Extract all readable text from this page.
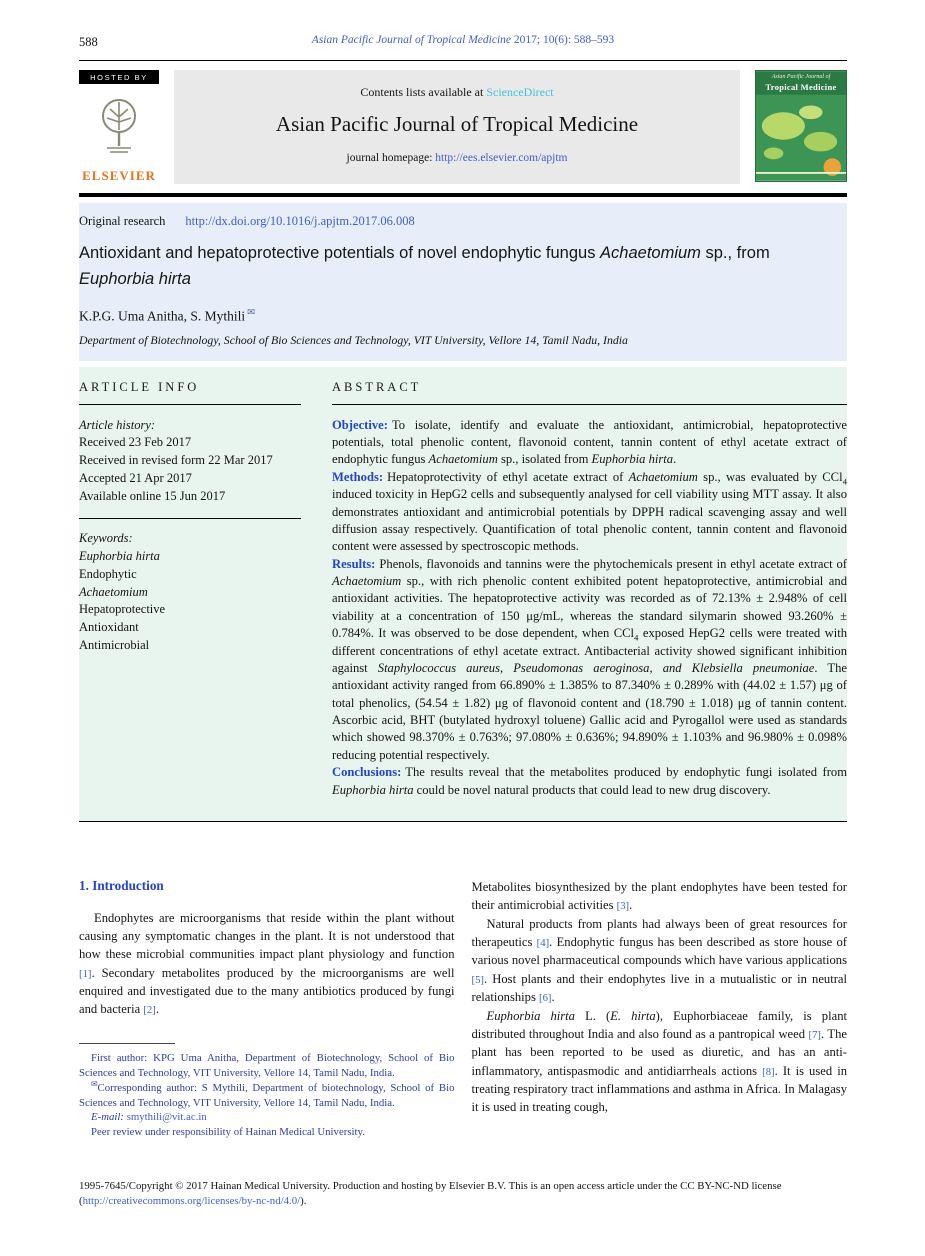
588	Asian Pacific Journal of Tropical Medicine 2017; 10(6): 588–593
HOSTED BY
ELSEVIER
Contents lists available at ScienceDirect
Asian Pacific Journal of Tropical Medicine
journal homepage: http://ees.elsevier.com/apjtm
Asian Pacific Journal of
Tropical Medicine
Original research http://dx.doi.org/10.1016/j.apjtm.2017.06.008
Antioxidant and hepatoprotective potentials of novel endophytic fungus Achaetomium sp., from Euphorbia hirta
K.P.G. Uma Anitha, S. Mythili ✉
Department of Biotechnology, School of Bio Sciences and Technology, VIT University, Vellore 14, Tamil Nadu, India
ARTICLE INFO
Article history:
Received 23 Feb 2017
Received in revised form 22 Mar 2017
Accepted 21 Apr 2017
Available online 15 Jun 2017
Keywords:
Euphorbia hirta
Endophytic
Achaetomium
Hepatoprotective
Antioxidant
Antimicrobial
ABSTRACT

Objective: To isolate, identify and evaluate the antioxidant, antimicrobial, hepatoprotective potentials, total phenolic content, flavonoid content, tannin content of ethyl acetate extract of endophytic fungus Achaetomium sp., isolated from Euphorbia hirta.

Methods: Hepatoprotectivity of ethyl acetate extract of Achaetomium sp., was evaluated by CCl$_4$ induced toxicity in HepG2 cells and subsequently analysed for cell viability using MTT assay. It also demonstrates antioxidant and antimicrobial potentials by DPPH radical scavenging assay and well diffusion assay respectively. Quantification of total phenolic content, tannin content and flavonoid content were assessed by spectroscopic methods.

Results: Phenols, flavonoids and tannins were the phytochemicals present in ethyl acetate extract of Achaetomium sp., with rich phenolic content exhibited potent hepatoprotective, antimicrobial and antioxidant activities. The hepatoprotective activity was recorded as of 72.13% ± 2.948% of cell viability at a concentration of 150 μg/mL, whereas the standard silymarin showed 93.260% ± 0.784%. It was observed to be dose dependent, when CCl$_4$ exposed HepG2 cells were treated with different concentrations of ethyl acetate extract. Antibacterial activity showed significant inhibition against Staphylococcus aureus, Pseudomonas aeroginosa, and Klebsiella pneumoniae. The antioxidant activity ranged from 66.890% ± 1.385% to 87.340% ± 0.289% with (44.02 ± 1.57) μg of total phenolics, (54.54 ± 1.82) μg of flavonoid content and (18.790 ± 1.018) μg of tannin content. Ascorbic acid, BHT (butylated hydroxyl toluene) Gallic acid and Pyrogallol were used as standards which showed 98.370% ± 0.763%; 97.080% ± 0.636%; 94.890% ± 1.103% and 96.980% ± 0.098% reducing potential respectively.

Conclusions: The results reveal that the metabolites produced by endophytic fungi isolated from Euphorbia hirta could be novel natural products that could lead to new drug discovery.

1. Introduction

Endophytes are microorganisms that reside within the plant without causing any symptomatic changes in the plant. It is not understood that how these microbial communities impact plant physiology and function [1]. Secondary metabolites produced by the microorganisms are well enquired and investigated due to the many antibiotics produced by fungi and bacteria [2].

First author: KPG Uma Anitha, Department of Biotechnology, School of Bio Sciences and Technology, VIT University, Vellore 14, Tamil Nadu, India.

✉Corresponding author: S Mythili, Department of biotechnology, School of Bio Sciences and Technology, VIT University, Vellore 14, Tamil Nadu, India.

E-mail: smythili@vit.ac.in

Peer review under responsibility of Hainan Medical University.

Metabolites biosynthesized by the plant endophytes have been tested for their antimicrobial activities [3].

Natural products from plants had always been of great resources for therapeutics [4]. Endophytic fungus has been described as store house of various novel pharmaceutical compounds which have various applications [5]. Host plants and their endophytes live in a mutualistic or in neutral relationships [6].

Euphorbia hirta L. (E. hirta), Euphorbiaceae family, is plant distributed throughout India and also found as a pantropical weed [7]. The plant has been reported to be used as diuretic, and has an anti-inflammatory, antispasmodic and antidiarrheals actions [8]. It is used in treating respiratory tract inflammations and asthma in Africa. In Malagasy it is used in treating cough,

1995-7645/Copyright © 2017 Hainan Medical University. Production and hosting by Elsevier B.V. This is an open access article under the CC BY-NC-ND license (http://creativecommons.org/licenses/by-nc-nd/4.0/).
